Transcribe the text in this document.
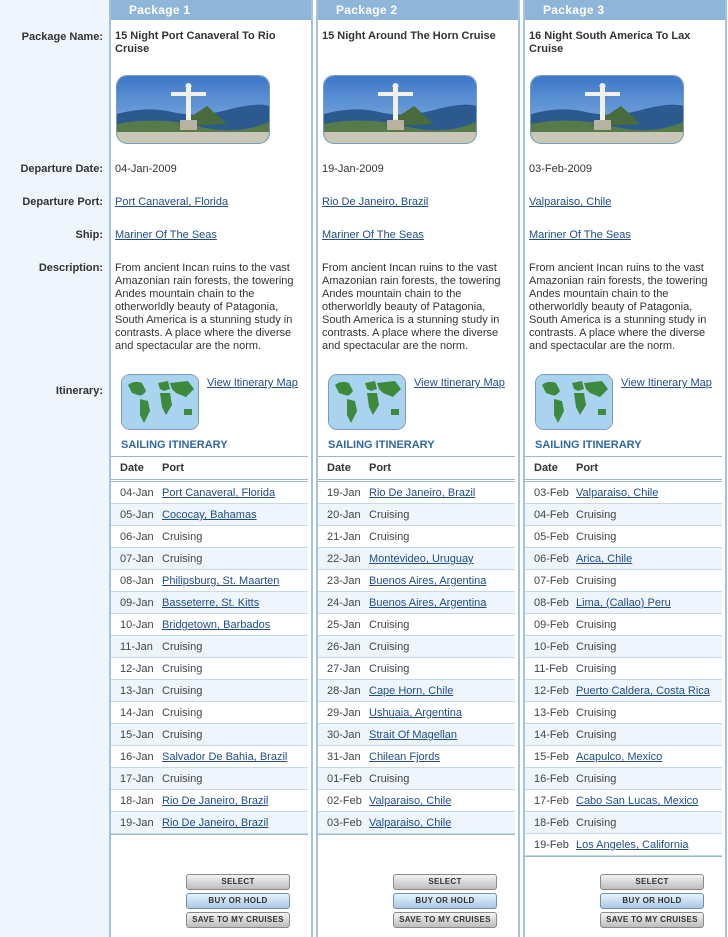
Package Name:
Departure Date:
Departure Port:
Ship:
Description:
Itinerary:
Package 1
15 Night Port Canaveral To Rio Cruise
04-Jan-2009
Port Canaveral, Florida
Mariner Of The Seas
From ancient Incan ruins to the vast Amazonian rain forests, the towering Andes mountain chain to the otherworldly beauty of Patagonia, South America is a stunning study in contrasts. A place where the diverse and spectacular are the norm.
View Itinerary Map
SAILING ITINERARY
Date Port
04-Jan Port Canaveral, Florida
05-Jan Cococay, Bahamas
06-Jan Cruising
07-Jan Cruising
08-Jan Philipsburg, St. Maarten
09-Jan Basseterre, St. Kitts
10-Jan Bridgetown, Barbados
11-Jan Cruising
12-Jan Cruising
13-Jan Cruising
14-Jan Cruising
15-Jan Cruising
16-Jan Salvador De Bahia, Brazil
17-Jan Cruising
18-Jan Rio De Janeiro, Brazil
19-Jan Rio De Janeiro, Brazil
SELECT
BUY OR HOLD
SAVE TO MY CRUISES
Package 2
15 Night Around The Horn Cruise
19-Jan-2009
Rio De Janeiro, Brazil
Mariner Of The Seas
From ancient Incan ruins to the vast Amazonian rain forests, the towering Andes mountain chain to the otherworldly beauty of Patagonia, South America is a stunning study in contrasts. A place where the diverse and spectacular are the norm.
View Itinerary Map
SAILING ITINERARY
Date Port
19-Jan Rio De Janeiro, Brazil
20-Jan Cruising
21-Jan Cruising
22-Jan Montevideo, Uruguay
23-Jan Buenos Aires, Argentina
24-Jan Buenos Aires, Argentina
25-Jan Cruising
26-Jan Cruising
27-Jan Cruising
28-Jan Cape Horn, Chile
29-Jan Ushuaia, Argentina
30-Jan Strait Of Magellan
31-Jan Chilean Fjords
01-Feb Cruising
02-Feb Valparaiso, Chile
03-Feb Valparaiso, Chile
SELECT
BUY OR HOLD
SAVE TO MY CRUISES
Package 3
16 Night South America To Lax Cruise
03-Feb-2009
Valparaiso, Chile
Mariner Of The Seas
From ancient Incan ruins to the vast Amazonian rain forests, the towering Andes mountain chain to the otherworldly beauty of Patagonia, South America is a stunning study in contrasts. A place where the diverse and spectacular are the norm.
View Itinerary Map
SAILING ITINERARY
Date Port
03-Feb Valparaiso, Chile
04-Feb Cruising
05-Feb Cruising
06-Feb Arica, Chile
07-Feb Cruising
08-Feb Lima, (Callao) Peru
09-Feb Cruising
10-Feb Cruising
11-Feb Cruising
12-Feb Puerto Caldera, Costa Rica
13-Feb Cruising
14-Feb Cruising
15-Feb Acapulco, Mexico
16-Feb Cruising
17-Feb Cabo San Lucas, Mexico
18-Feb Cruising
19-Feb Los Angeles, California
SELECT
BUY OR HOLD
SAVE TO MY CRUISES
